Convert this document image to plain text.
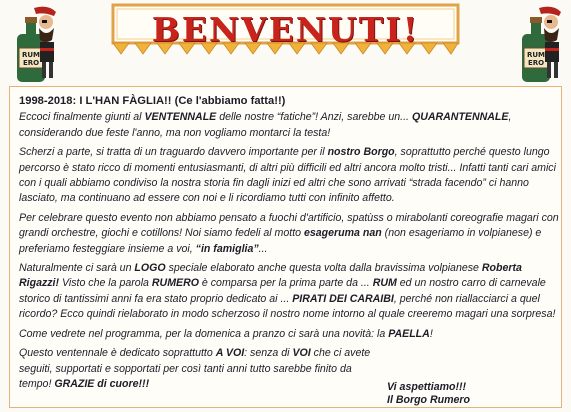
RUM
ERO
RUM
ERO
BENVENUTI!

1998-2018: I L'HAN FÀGLIA!! (Ce l'abbiamo fatta!!)

Eccoci finalmente giunti al VENTENNALE delle nostre “fatiche”! Anzi, sarebbe un... QUARANTENNALE, considerando due feste l'anno, ma non vogliamo montarci la testa!

Scherzi a parte, si tratta di un traguardo davvero importante per il nostro Borgo, soprattutto perché questo lungo percorso è stato ricco di momenti entusiasmanti, di altri più difficili ed altri ancora molto tristi... Infatti tanti cari amici con i quali abbiamo condiviso la nostra storia fin dagli inizi ed altri che sono arrivati “strada facendo” ci hanno lasciato, ma continuano ad essere con noi e li ricordiamo tutti con infinito affetto.

Per celebrare questo evento non abbiamo pensato a fuochi d'artificio, spatùss o mirabolanti coreografie magari con grandi orchestre, giochi e cotillons! Noi siamo fedeli al motto esageruma nan (non esageriamo in volpianese) e preferiamo festeggiare insieme a voi, “in famiglia”...

Naturalmente ci sarà un LOGO speciale elaborato anche questa volta dalla bravissima volpianese Roberta Rigazzi! Visto che la parola RUMERO è comparsa per la prima parte da ... RUM ed un nostro carro di carnevale storico di tantissimi anni fa era stato proprio dedicato ai ... PIRATI DEI CARAIBI, perché non riallacciarci a quel ricordo? Ecco quindi rielaborato in modo scherzoso il nostro nome intorno al quale creeremo magari una sorpresa!

Come vedrete nel programma, per la domenica a pranzo ci sarà una novità: la PAELLA!

Questo ventennale è dedicato soprattutto A VOI: senza di VOI che ci avete seguiti, supportati e sopportati per così tanti anni tutto sarebbe finito da tempo! GRAZIE di cuore!!!	Vi aspettiamo!!!
Il Borgo Rumero
